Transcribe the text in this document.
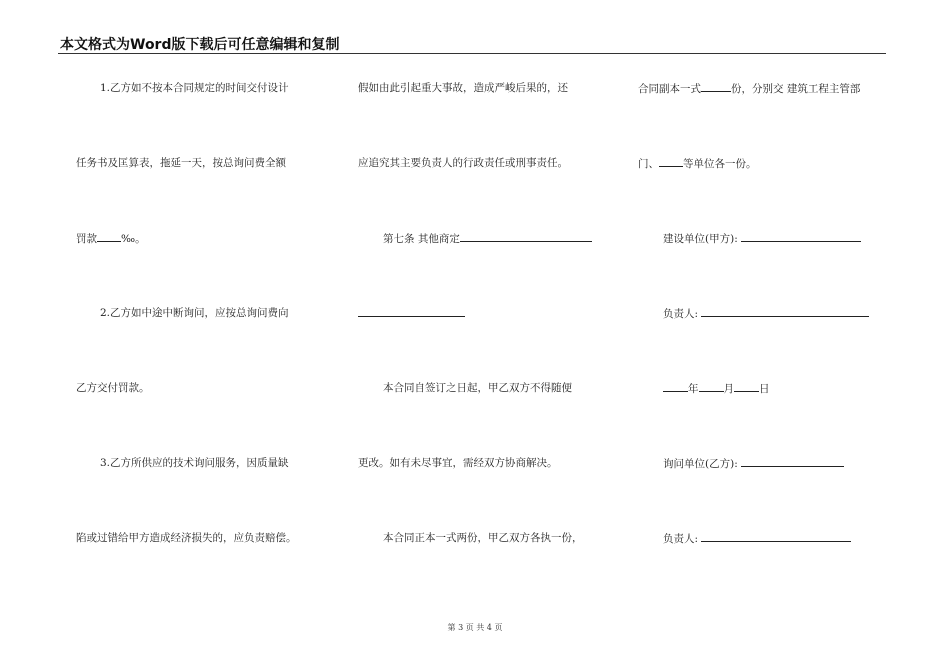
本文格式为Word版下载后可任意编辑和复制
1.乙方如不按本合同规定的时间交付设计
任务书及匡算表，拖延一天，按总询问费全额
罚款 ‰。
2.乙方如中途中断询问，应按总询问费向
乙方交付罚款。
3.乙方所供应的技术询问服务，因质量缺
陷或过错给甲方造成经济损失的，应负责赔偿。
假如由此引起重大事故，造成严峻后果的，还
应追究其主要负责人的行政责任或刑事责任。
第七条 其他商定
本合同自签订之日起，甲乙双方不得随便
更改。如有未尽事宜，需经双方协商解决。
本合同正本一式两份，甲乙双方各执一份，
合同副本一式	份，分别交 建筑工程主管部
门、 等单位各一份。
建设单位(甲方):
负责人:
年 月 日
询问单位(乙方):
负责人:
第 3 页 共 4 页
